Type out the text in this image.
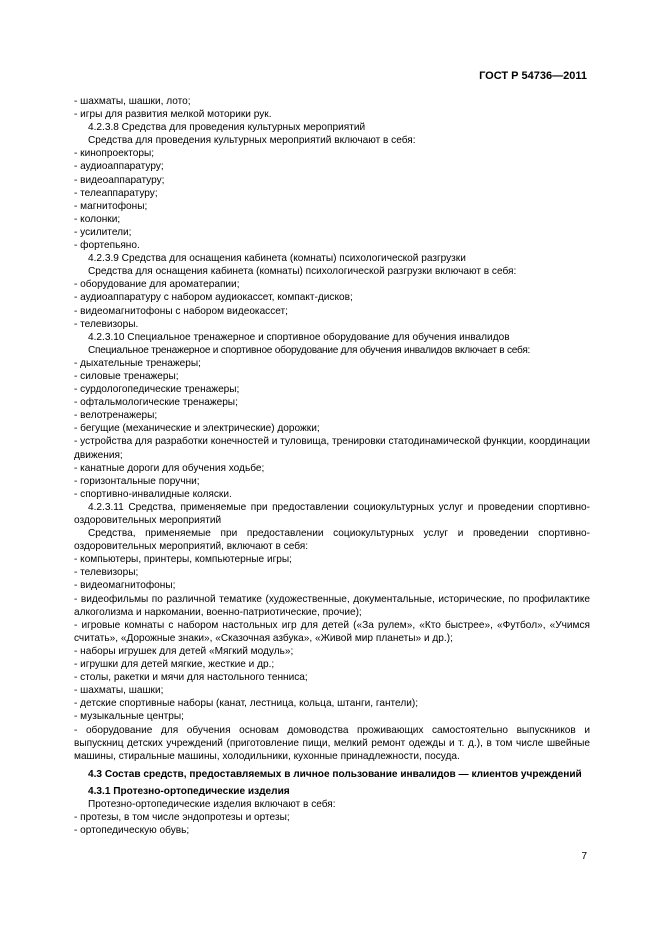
ГОСТ Р 54736—2011

- шахматы, шашки, лото;

- игры для развития мелкой моторики рук.

4.2.3.8 Средства для проведения культурных мероприятий

Средства для проведения культурных мероприятий включают в себя:

- кинопроекторы;

- аудиоаппаратуру;

- видеоаппаратуру;

- телеаппаратуру;

- магнитофоны;

- колонки;

- усилители;

- фортепьяно.

4.2.3.9 Средства для оснащения кабинета (комнаты) психологической разгрузки

Средства для оснащения кабинета (комнаты) психологической разгрузки включают в себя:

- оборудование для ароматерапии;

- аудиоаппаратуру с набором аудиокассет, компакт-дисков;

- видеомагнитофоны с набором видеокассет;

- телевизоры.

4.2.3.10 Специальное тренажерное и спортивное оборудование для обучения инвалидов

Специальное тренажерное и спортивное оборудование для обучения инвалидов включает в себя:

- дыхательные тренажеры;

- силовые тренажеры;

- сурдологопедические тренажеры;

- офтальмологические тренажеры;

- велотренажеры;

- бегущие (механические и электрические) дорожки;

- устройства для разработки конечностей и туловища, тренировки статодинамической функции, координации движения;

- канатные дороги для обучения ходьбе;

- горизонтальные поручни;

- спортивно-инвалидные коляски.

4.2.3.11 Средства, применяемые при предоставлении социокультурных услуг и проведении спортивно-оздоровительных мероприятий

Средства, применяемые при предоставлении социокультурных услуг и проведении спортивно-оздоровительных мероприятий, включают в себя:

- компьютеры, принтеры, компьютерные игры;

- телевизоры;

- видеомагнитофоны;

- видеофильмы по различной тематике (художественные, документальные, исторические, по профилактике алкоголизма и наркомании, военно-патриотические, прочие);

- игровые комнаты с набором настольных игр для детей («За рулем», «Кто быстрее», «Футбол», «Учимся считать», «Дорожные знаки», «Сказочная азбука», «Живой мир планеты» и др.);

- наборы игрушек для детей «Мягкий модуль»;

- игрушки для детей мягкие, жесткие и др.;

- столы, ракетки и мячи для настольного тенниса;

- шахматы, шашки;

- детские спортивные наборы (канат, лестница, кольца, штанги, гантели);

- музыкальные центры;

- оборудование для обучения основам домоводства проживающих самостоятельно выпускников и выпускниц детских учреждений (приготовление пищи, мелкий ремонт одежды и т. д.), в том числе швейные машины, стиральные машины, холодильники, кухонные принадлежности, посуда.

4.3 Состав средств, предоставляемых в личное пользование инвалидов — клиентов учреждений

4.3.1 Протезно-ортопедические изделия

Протезно-ортопедические изделия включают в себя:

- протезы, в том числе эндопротезы и ортезы;

- ортопедическую обувь;

7
